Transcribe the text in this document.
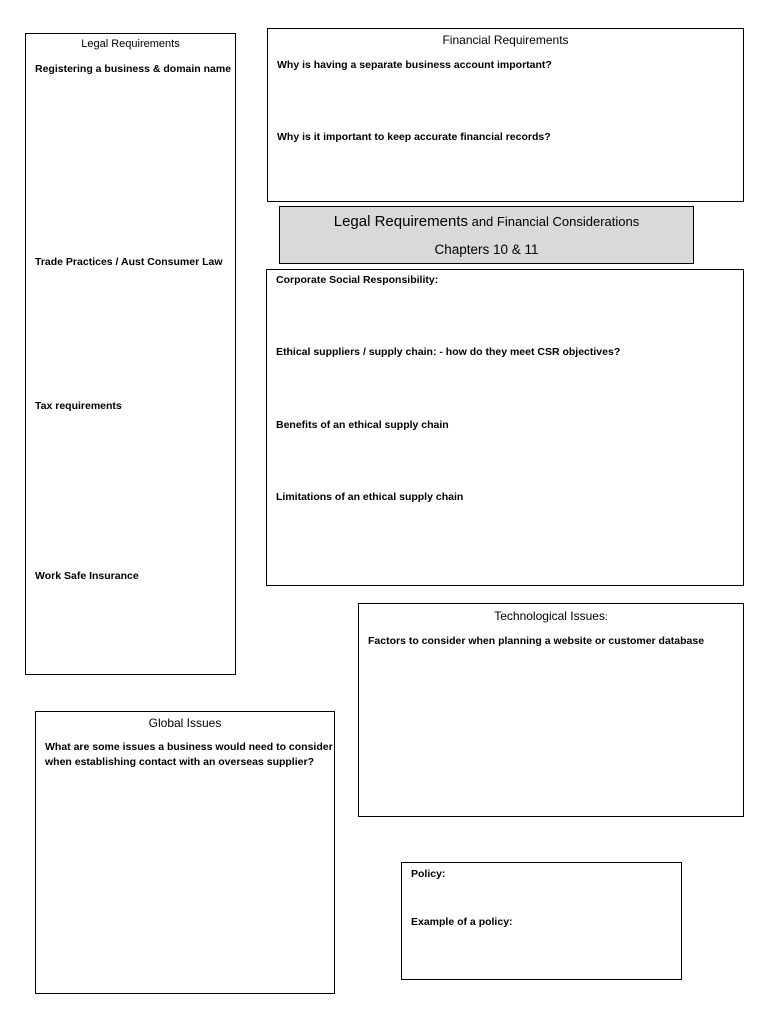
Legal Requirements
Registering a business & domain name
Trade Practices / Aust Consumer Law
Tax requirements
Work Safe Insurance
Financial Requirements
Why is having a separate business account important?
Why is it important to keep accurate financial records?
Legal Requirements and Financial Considerations
Chapters 10 & 11
Corporate Social Responsibility:
Ethical suppliers / supply chain: - how do they meet CSR objectives?
Benefits of an ethical supply chain
Limitations of an ethical supply chain
Technological Issues:
Factors to consider when planning a website or customer database
Global Issues
What are some issues a business would need to consider
when establishing contact with an overseas supplier?
Policy:
Example of a policy:
